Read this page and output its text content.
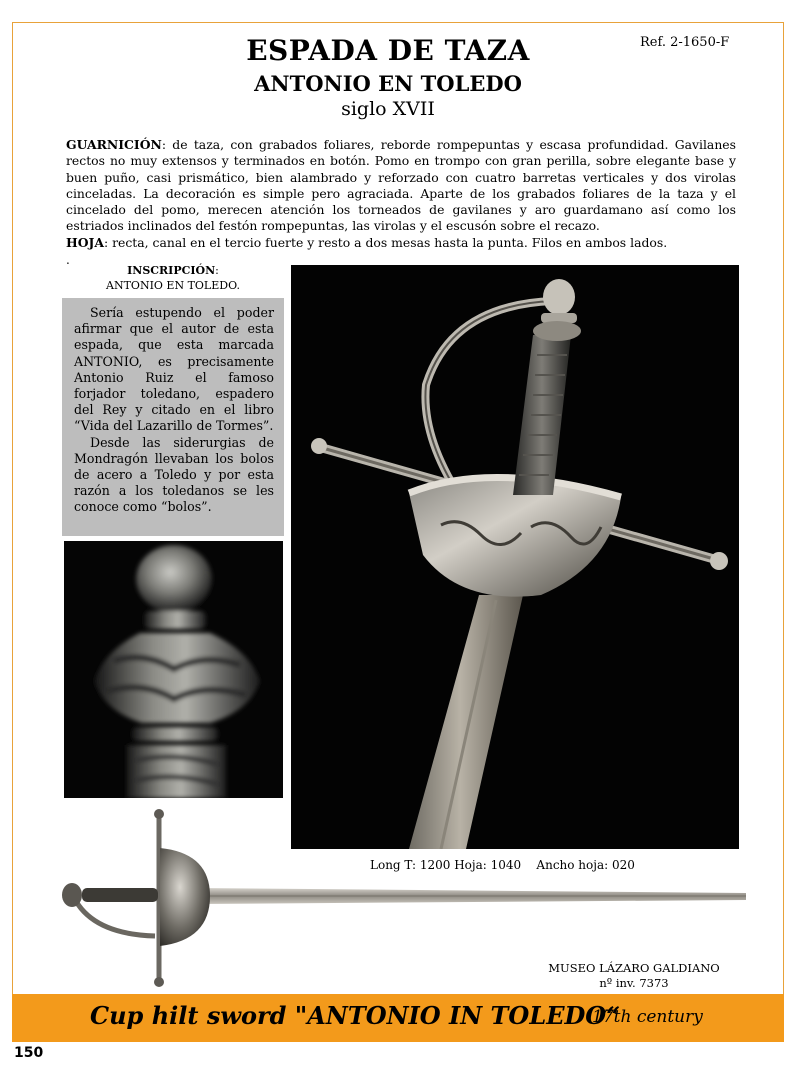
Ref. 2-1650-F
ESPADA DE TAZA
ANTONIO EN TOLEDO
siglo XVII

GUARNICIÓN: de taza, con grabados foliares, reborde rompepuntas y escasa profundidad. Gavilanes rectos no muy extensos y terminados en botón. Pomo en trompo con gran perilla, sobre elegante base y buen puño, casi prismático, bien alambrado y reforzado con cuatro barretas verticales y dos virolas cinceladas. La decoración es simple pero agraciada. Aparte de los grabados foliares de la taza y el cincelado del pomo, merecen atención los torneados de gavilanes y aro guardamano así como los estriados inclinados del festón rompepuntas, las virolas y el escusón sobre el recazo.

HOJA: recta, canal en el tercio fuerte y resto a dos mesas hasta la punta. Filos en ambos lados.

.
INSCRIPCIÓN:
ANTONIO EN TOLEDO.

Sería estupendo el poder afirmar que el autor de esta espada, que esta marcada ANTONIO, es precisamente Antonio Ruiz el famoso forjador toledano, espadero del Rey y citado en el libro “Vida del Lazarillo de Tormes”.

Desde las siderurgias de Mondragón llevaban los bolos de acero a Toledo y por esta razón a los toledanos se les conoce como “bolos”.

Long T: 1200 Hoja: 1040    Ancho hoja: 020
MUSEO LÁZARO GALDIANO
nº inv. 7373
Cup hilt sword "ANTONIO IN TOLEDO“
17th century
150
